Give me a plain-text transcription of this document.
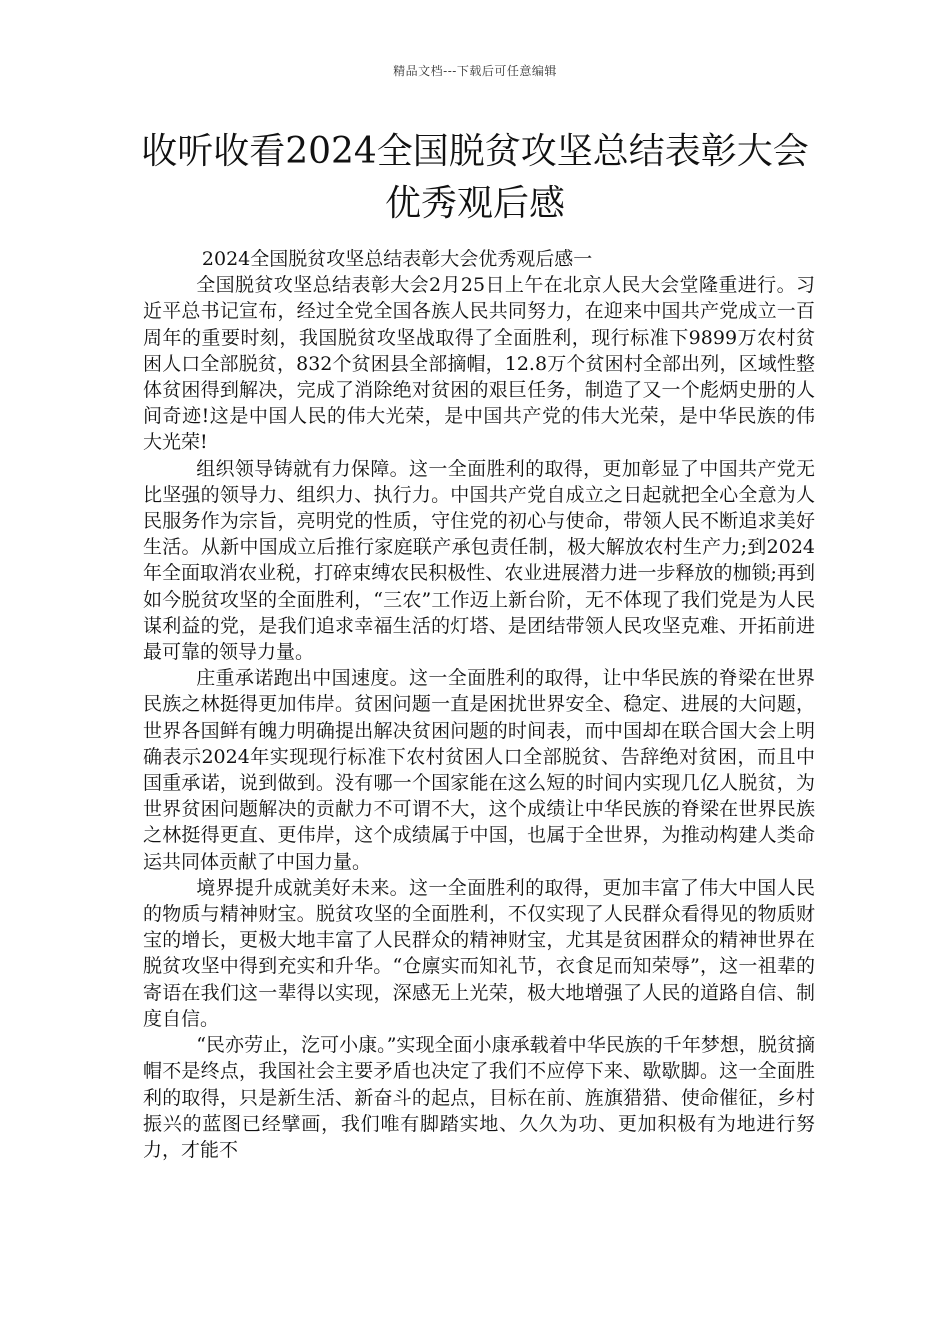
精品文档---下载后可任意编辑
收听收看2024全国脱贫攻坚总结表彰大会
优秀观后感

2024全国脱贫攻坚总结表彰大会优秀观后感一

全国脱贫攻坚总结表彰大会2月25日上午在北京人民大会堂隆重进行。习近平总书记宣布，经过全党全国各族人民共同努力，在迎来中国共产党成立一百周年的重要时刻，我国脱贫攻坚战取得了全面胜利，现行标准下9899万农村贫困人口全部脱贫，832个贫困县全部摘帽，12.8万个贫困村全部出列，区域性整体贫困得到解决，完成了消除绝对贫困的艰巨任务，制造了又一个彪炳史册的人间奇迹!这是中国人民的伟大光荣，是中国共产党的伟大光荣，是中华民族的伟大光荣!

组织领导铸就有力保障。这一全面胜利的取得，更加彰显了中国共产党无比坚强的领导力、组织力、执行力。中国共产党自成立之日起就把全心全意为人民服务作为宗旨，亮明党的性质，守住党的初心与使命，带领人民不断追求美好生活。从新中国成立后推行家庭联产承包责任制，极大解放农村生产力;到2024年全面取消农业税，打碎束缚农民积极性、农业进展潜力进一步释放的枷锁;再到如今脱贫攻坚的全面胜利，“三农”工作迈上新台阶，无不体现了我们党是为人民谋利益的党，是我们追求幸福生活的灯塔、是团结带领人民攻坚克难、开拓前进最可靠的领导力量。

庄重承诺跑出中国速度。这一全面胜利的取得，让中华民族的脊梁在世界民族之林挺得更加伟岸。贫困问题一直是困扰世界安全、稳定、进展的大问题，世界各国鲜有魄力明确提出解决贫困问题的时间表，而中国却在联合国大会上明确表示2024年实现现行标准下农村贫困人口全部脱贫、告辞绝对贫困，而且中国重承诺，说到做到。没有哪一个国家能在这么短的时间内实现几亿人脱贫，为世界贫困问题解决的贡献力不可谓不大，这个成绩让中华民族的脊梁在世界民族之林挺得更直、更伟岸，这个成绩属于中国，也属于全世界，为推动构建人类命运共同体贡献了中国力量。

境界提升成就美好未来。这一全面胜利的取得，更加丰富了伟大中国人民的物质与精神财宝。脱贫攻坚的全面胜利，不仅实现了人民群众看得见的物质财宝的增长，更极大地丰富了人民群众的精神财宝，尤其是贫困群众的精神世界在脱贫攻坚中得到充实和升华。“仓廪实而知礼节，衣食足而知荣辱”，这一祖辈的寄语在我们这一辈得以实现，深感无上光荣，极大地增强了人民的道路自信、制度自信。

“民亦劳止，汔可小康。”实现全面小康承载着中华民族的千年梦想，脱贫摘帽不是终点，我国社会主要矛盾也决定了我们不应停下来、歇歇脚。这一全面胜利的取得，只是新生活、新奋斗的起点，目标在前、旌旗猎猎、使命催征，乡村振兴的蓝图已经擘画，我们唯有脚踏实地、久久为功、更加积极有为地进行努力，才能不
